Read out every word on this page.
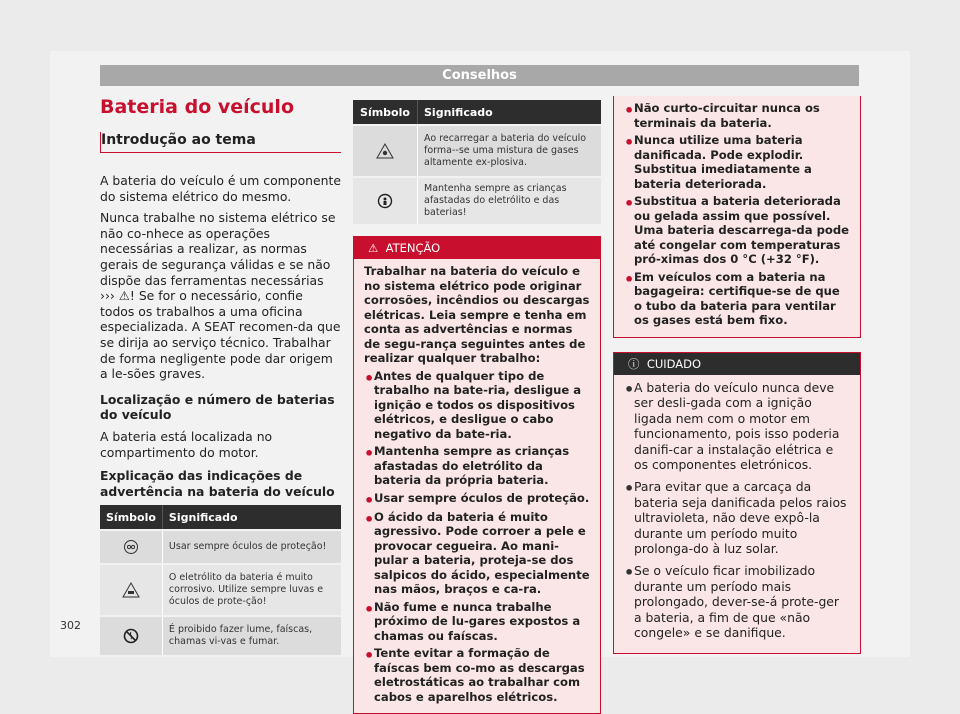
Conselhos
Bateria do veículo
Introdução ao tema

A bateria do veículo é um componente do sistema elétrico do mesmo.

Nunca trabalhe no sistema elétrico se não co-nhece as operações necessárias a realizar, as normas gerais de segurança válidas e se não dispõe das ferramentas necessárias ››› ⚠! Se for o necessário, confie todos os trabalhos a uma oficina especializada. A SEAT recomen-da que se dirija ao serviço técnico. Trabalhar de forma negligente pode dar origem a le-sões graves.

Localização e número de baterias do veículo

A bateria está localizada no compartimento do motor.

Explicação das indicações de advertência na bateria do veículo

Símbolo	Significado
	Usar sempre óculos de proteção!
	O eletrólito da bateria é muito corrosivo. Utilize sempre luvas e óculos de prote-ção!
	É proibido fazer lume, faíscas, chamas vi-vas e fumar.
Símbolo	Significado
	Ao recarregar a bateria do veículo forma--se uma mistura de gases altamente ex-plosiva.
	Mantenha sempre as crianças afastadas do eletrólito e das baterias!
⚠ ATENÇÃO

Trabalhar na bateria do veículo e no sistema elétrico pode originar corrosões, incêndios ou descargas elétricas. Leia sempre e tenha em conta as advertências e normas de segu-rança seguintes antes de realizar qualquer trabalho:

• Antes de qualquer tipo de trabalho na bate-ria, desligue a ignição e todos os dispositivos elétricos, e desligue o cabo negativo da bate-ria.

• Mantenha sempre as crianças afastadas do eletrólito da bateria da própria bateria.

• Usar sempre óculos de proteção.

• O ácido da bateria é muito agressivo. Pode corroer a pele e provocar cegueira. Ao mani-pular a bateria, proteja-se dos salpicos do ácido, especialmente nas mãos, braços e ca-ra.

• Não fume e nunca trabalhe próximo de lu-gares expostos a chamas ou faíscas.

• Tente evitar a formação de faíscas bem co-mo as descargas eletrostáticas ao trabalhar com cabos e aparelhos elétricos.

• Não curto-circuitar nunca os terminais da bateria.

• Nunca utilize uma bateria danificada. Pode explodir. Substitua imediatamente a bateria deteriorada.

• Substitua a bateria deteriorada ou gelada assim que possível. Uma bateria descarrega-da pode até congelar com temperaturas pró-ximas dos 0 °C (+32 °F).

• Em veículos com a bateria na bagageira: certifique-se de que o tubo da bateria para ventilar os gases está bem fixo.

ⓘ CUIDADO
• A bateria do veículo nunca deve ser desli-gada com a ignição ligada nem com o motor em funcionamento, pois isso poderia danifi-car a instalação elétrica e os componentes eletrónicos.

• Para evitar que a carcaça da bateria seja danificada pelos raios ultravioleta, não deve expô-la durante um período muito prolonga-do à luz solar.

• Se o veículo ficar imobilizado durante um período mais prolongado, dever-se-á prote-ger a bateria, a fim de que «não congele» e se danifique.

302
